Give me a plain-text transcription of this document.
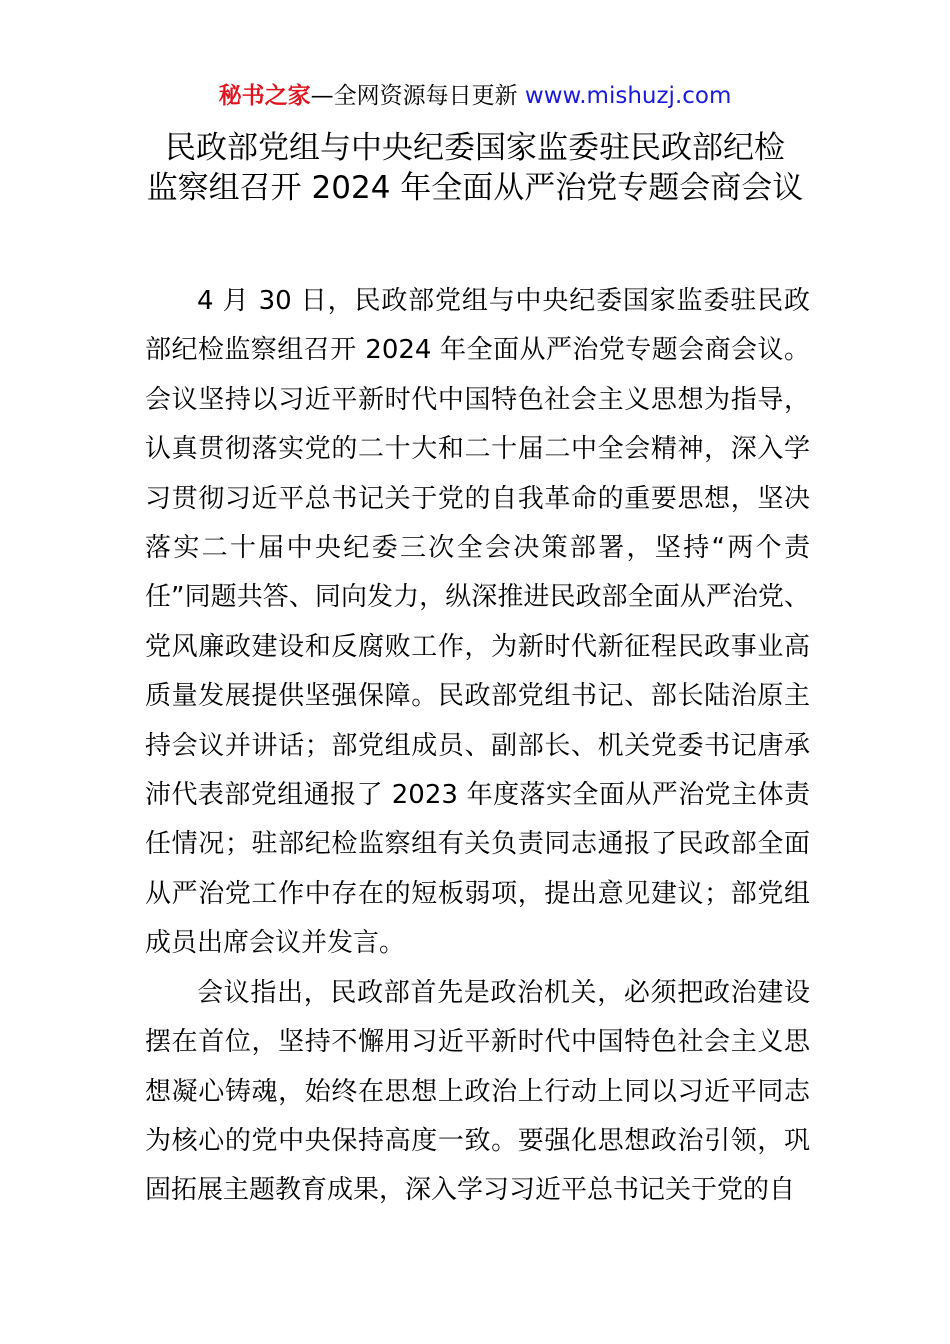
秘书之家—全网资源每日更新 www.mishuzj.com
民政部党组与中央纪委国家监委驻民政部纪检
监察组召开 2024 年全面从严治党专题会商会议

4 月 30 日，民政部党组与中央纪委国家监委驻民政部纪检监察组召开 2024 年全面从严治党专题会商会议。会议坚持以习近平新时代中国特色社会主义思想为指导，认真贯彻落实党的二十大和二十届二中全会精神，深入学习贯彻习近平总书记关于党的自我革命的重要思想，坚决落实二十届中央纪委三次全会决策部署，坚持“两个责任”同题共答、同向发力，纵深推进民政部全面从严治党、党风廉政建设和反腐败工作，为新时代新征程民政事业高质量发展提供坚强保障。民政部党组书记、部长陆治原主持会议并讲话；部党组成员、副部长、机关党委书记唐承沛代表部党组通报了 2023 年度落实全面从严治党主体责任情况；驻部纪检监察组有关负责同志通报了民政部全面从严治党工作中存在的短板弱项，提出意见建议；部党组成员出席会议并发言。

会议指出，民政部首先是政治机关，必须把政治建设摆在首位，坚持不懈用习近平新时代中国特色社会主义思想凝心铸魂，始终在思想上政治上行动上同以习近平同志为核心的党中央保持高度一致。要强化思想政治引领，巩固拓展主题教育成果，深入学习习近平总书记关于党的自
